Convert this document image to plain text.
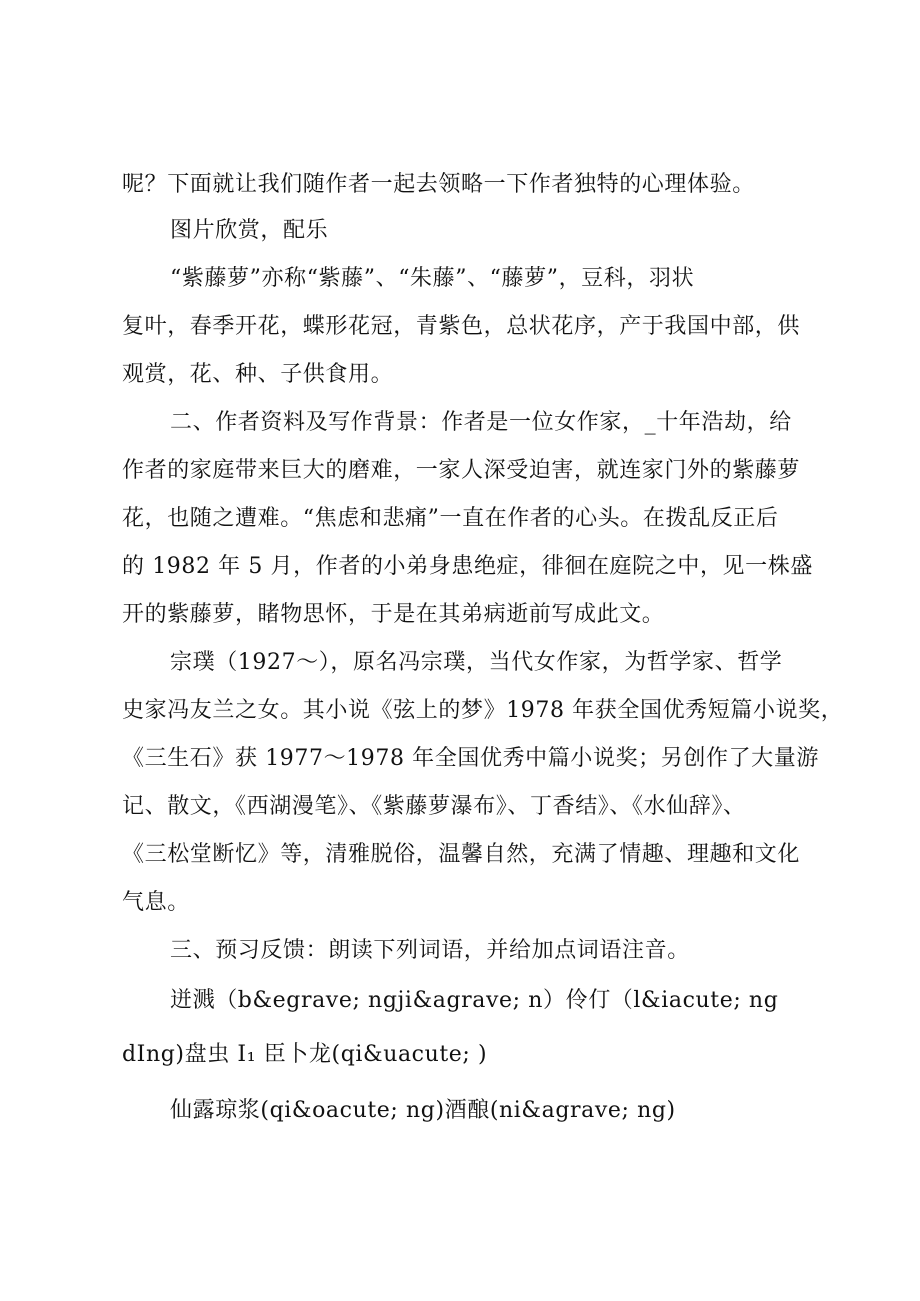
呢？下面就让我们随作者一起去领略一下作者独特的心理体验。
图片欣赏，配乐
“紫藤萝”亦称“紫藤”、“朱藤”、“藤萝”，豆科，羽状
复叶，春季开花，蝶形花冠，青紫色，总状花序，产于我国中部，供
观赏，花、种、子供食用。
二、作者资料及写作背景：作者是一位女作家，_十年浩劫，给
作者的家庭带来巨大的磨难，一家人深受迫害，就连家门外的紫藤萝
花，也随之遭难。“焦虑和悲痛”一直在作者的心头。在拨乱反正后
的 1982 年 5 月，作者的小弟身患绝症，徘徊在庭院之中，见一株盛
开的紫藤萝，睹物思怀，于是在其弟病逝前写成此文。
宗璞（1927～），原名冯宗璞，当代女作家，为哲学家、哲学
史家冯友兰之女。其小说《弦上的梦》1978 年获全国优秀短篇小说奖，
《三生石》获 1977～1978 年全国优秀中篇小说奖；另创作了大量游
记、散文，《西湖漫笔》、《紫藤萝瀑布》、丁香结》、《水仙辞》、
《三松堂断忆》等，清雅脱俗，温馨自然，充满了情趣、理趣和文化
气息。
三、预习反馈：朗读下列词语，并给加点词语注音。
迸溅（b&egrave; ngji&agrave; n）伶仃（l&iacute; ng
dIng)盘虫 I₁ 臣卜龙(qi&uacute; )
仙露琼浆(qi&oacute; ng)酒酿(ni&agrave; ng)
